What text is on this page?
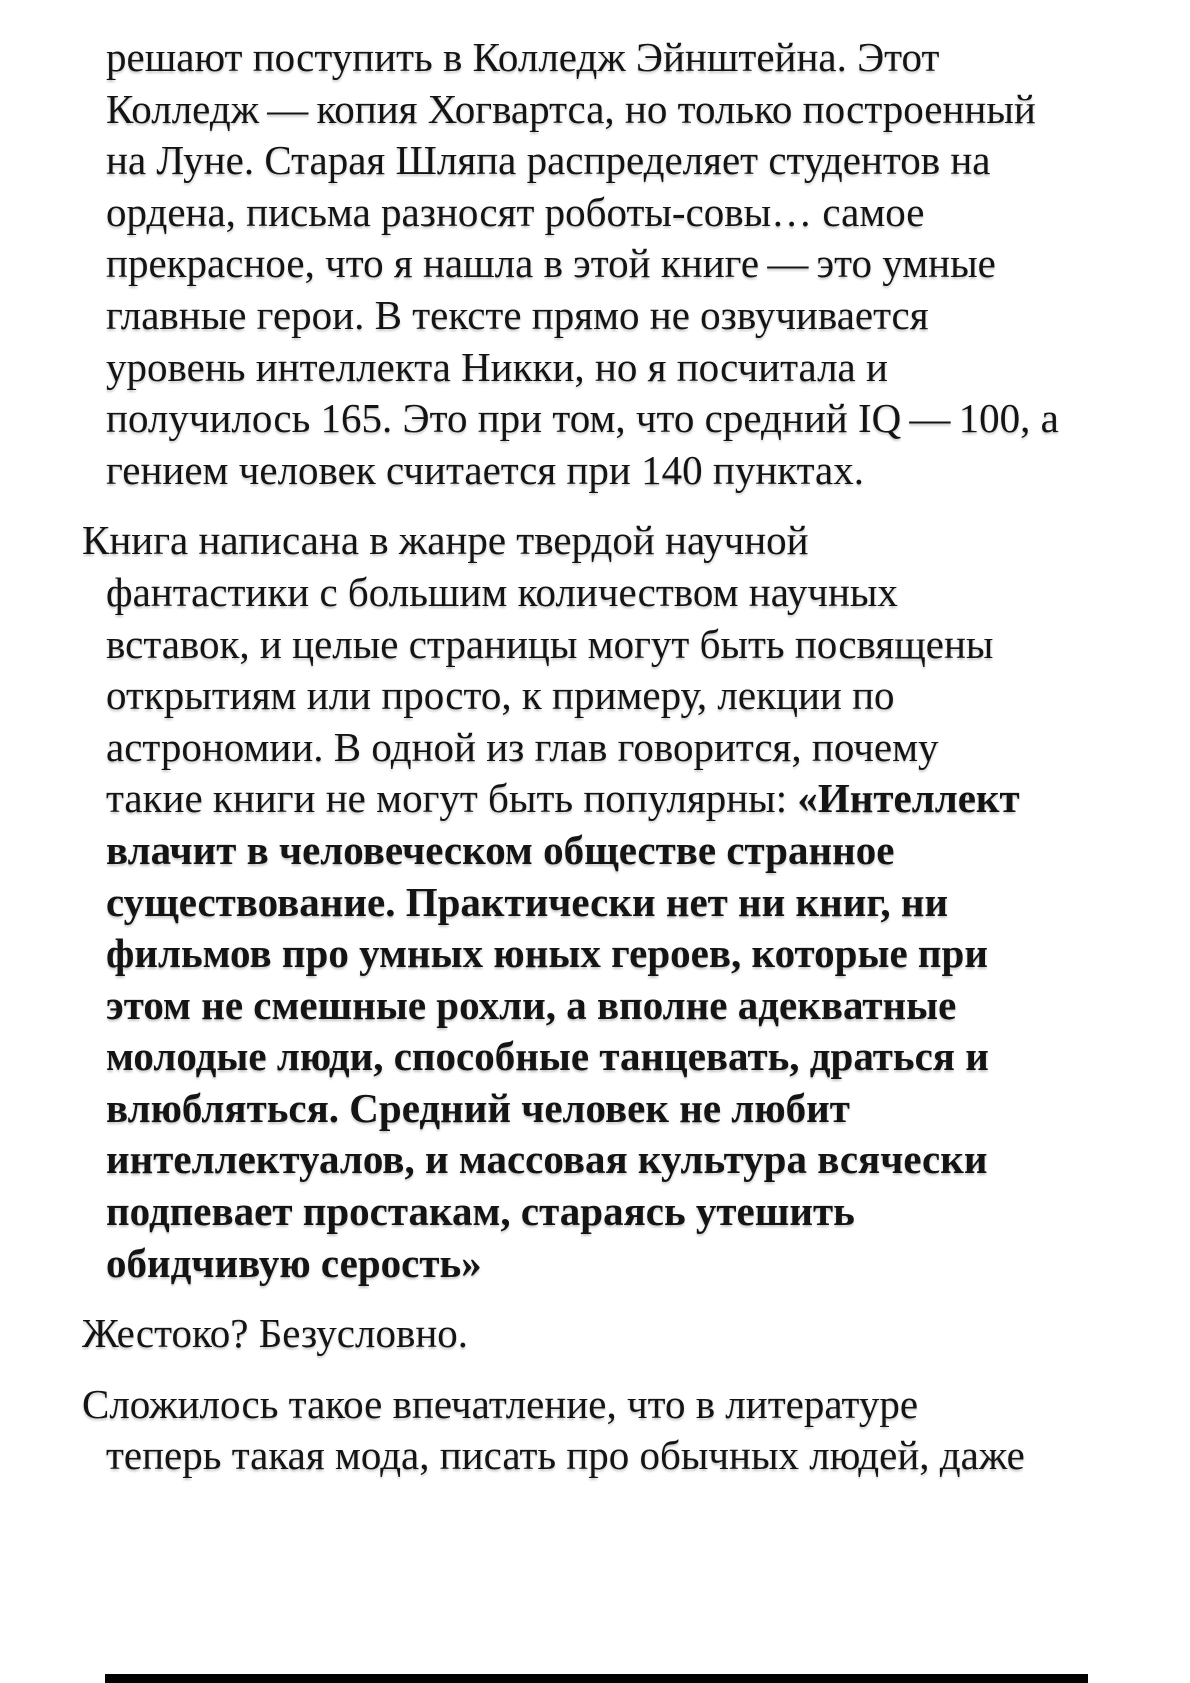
решают поступить в Колледж Эйнштейна. Этот
Колледж — копия Хогвартса, но только построенный
на Луне. Старая Шляпа распределяет студентов на
ордена, письма разносят роботы-совы… самое
прекрасное, что я нашла в этой книге — это умные
главные герои. В тексте прямо не озвучивается
уровень интеллекта Никки, но я посчитала и
получилось 165. Это при том, что средний IQ — 100, а
гением человек считается при 140 пунктах.
Книга написана в жанре твердой научной
фантастики с большим количеством научных
вставок, и целые страницы могут быть посвящены
открытиям или просто, к примеру, лекции по
астрономии. В одной из глав говорится, почему
такие книги не могут быть популярны: «Интеллект
влачит в человеческом обществе странное
существование. Практически нет ни книг, ни
фильмов про умных юных героев, которые при
этом не смешные рохли, а вполне адекватные
молодые люди, способные танцевать, драться и
влюбляться. Средний человек не любит
интеллектуалов, и массовая культура всячески
подпевает простакам, стараясь утешить
обидчивую серость»
Жестоко? Безусловно.
Сложилось такое впечатление, что в литературе
теперь такая мода, писать про обычных людей, даже
